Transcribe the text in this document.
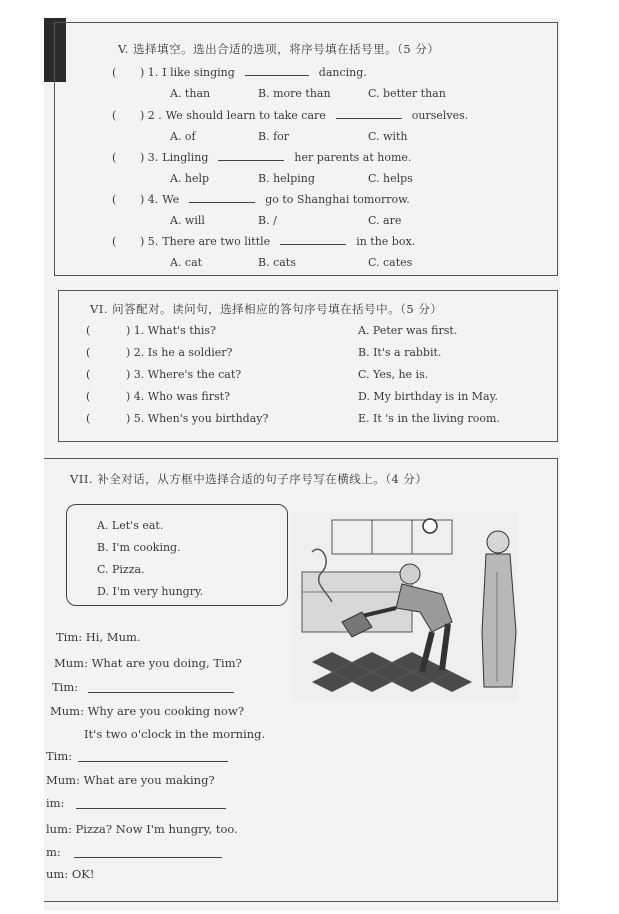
V. 选择填空。选出合适的选项，将序号填在括号里。（5 分）
( ) 1. I like singing	dancing.
A. than	B. more than	C. better than
( ) 2 . We should learn to take care	ourselves.
A. of	B. for	C. with
( ) 3. Lingling	her parents at home.
A. help	B. helping	C. helps
( ) 4. We	go to Shanghai tomorrow.
A. will	B. /	C. are
( ) 5. There are two little	in the box.
A. cat	B. cats	C. cates
VI. 问答配对。读问句，选择相应的答句序号填在括号中。（5 分）
(	) 1. What's this?	A. Peter was first.
(	) 2. Is he a soldier?	B. It's a rabbit.
(	) 3. Where's the cat?	C. Yes, he is.
(	) 4. Who was first?	D. My birthday is in May.
(	) 5. When's you birthday?	E. It 's in the living room.
VII. 补全对话，从方框中选择合适的句子序号写在横线上。（4 分）
A. Let's eat.
B. I'm cooking.
C. Pizza.
D. I'm very hungry.
Tim: Hi, Mum.
Mum: What are you doing, Tim?
Tim:
Mum: Why are you cooking now?
It's two o'clock in the morning.
Tim:
Mum: What are you making?
im:
lum: Pizza? Now I'm hungry, too.
m:
um: OK!
